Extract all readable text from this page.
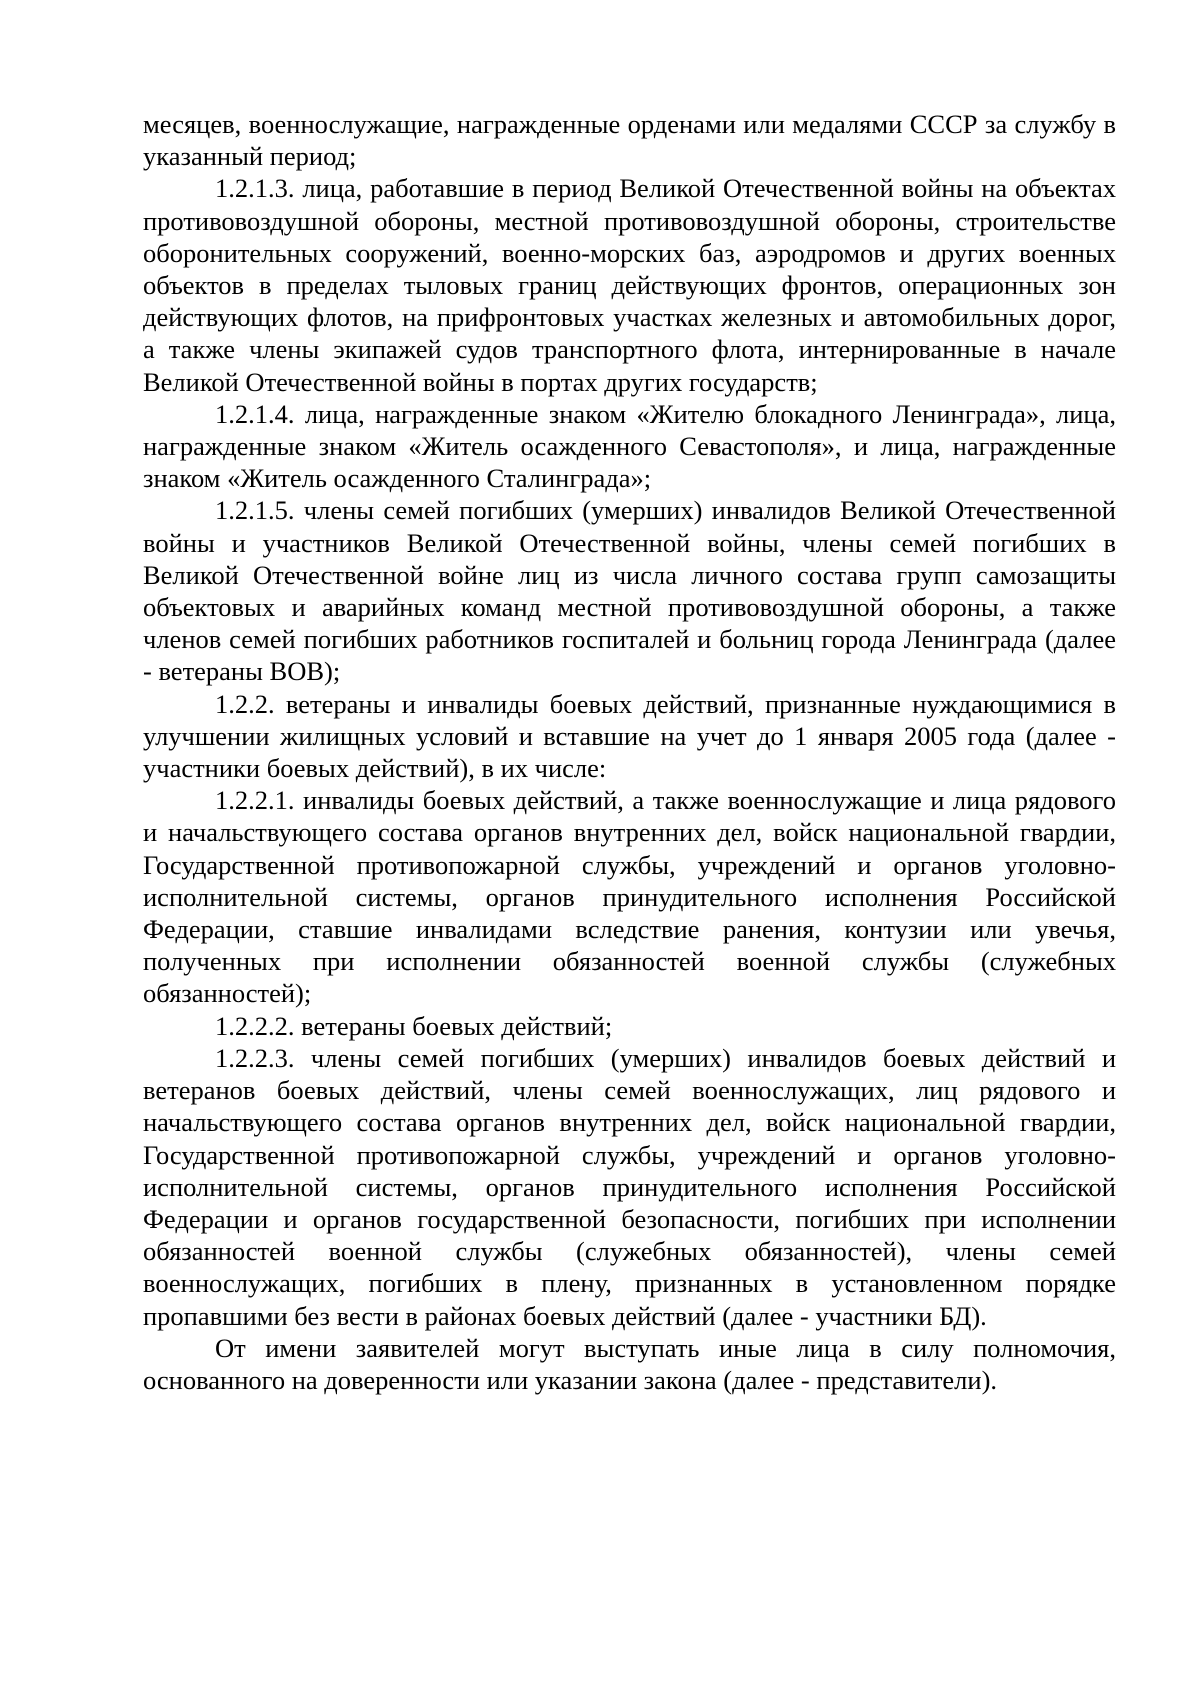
месяцев, военнослужащие, награжденные орденами или медалями СССР за службу в указанный период;

1.2.1.3. лица, работавшие в период Великой Отечественной войны на объектах противовоздушной обороны, местной противовоздушной обороны, строительстве оборонительных сооружений, военно-морских баз, аэродромов и других военных объектов в пределах тыловых границ действующих фронтов, операционных зон действующих флотов, на прифронтовых участках железных и автомобильных дорог, а также члены экипажей судов транспортного флота, интернированные в начале Великой Отечественной войны в портах других государств;

1.2.1.4. лица, награжденные знаком «Жителю блокадного Ленинграда», лица, награжденные знаком «Житель осажденного Севастополя», и лица, награжденные знаком «Житель осажденного Сталинграда»;

1.2.1.5. члены семей погибших (умерших) инвалидов Великой Отечественной войны и участников Великой Отечественной войны, члены семей погибших в Великой Отечественной войне лиц из числа личного состава групп самозащиты объектовых и аварийных команд местной противовоздушной обороны, а также членов семей погибших работников госпиталей и больниц города Ленинграда (далее - ветераны ВОВ);

1.2.2. ветераны и инвалиды боевых действий, признанные нуждающимися в улучшении жилищных условий и вставшие на учет до 1 января 2005 года (далее - участники боевых действий), в их числе:

1.2.2.1. инвалиды боевых действий, а также военнослужащие и лица рядового и начальствующего состава органов внутренних дел, войск национальной гвардии, Государственной противопожарной службы, учреждений и органов уголовно-исполнительной системы, органов принудительного исполнения Российской Федерации, ставшие инвалидами вследствие ранения, контузии или увечья, полученных при исполнении обязанностей военной службы (служебных обязанностей);

1.2.2.2. ветераны боевых действий;

1.2.2.3. члены семей погибших (умерших) инвалидов боевых действий и ветеранов боевых действий, члены семей военнослужащих, лиц рядового и начальствующего состава органов внутренних дел, войск национальной гвардии, Государственной противопожарной службы, учреждений и органов уголовно-исполнительной системы, органов принудительного исполнения Российской Федерации и органов государственной безопасности, погибших при исполнении обязанностей военной службы (служебных обязанностей), члены семей военнослужащих, погибших в плену, признанных в установленном порядке пропавшими без вести в районах боевых действий (далее - участники БД).

От имени заявителей могут выступать иные лица в силу полномочия, основанного на доверенности или указании закона (далее - представители).
